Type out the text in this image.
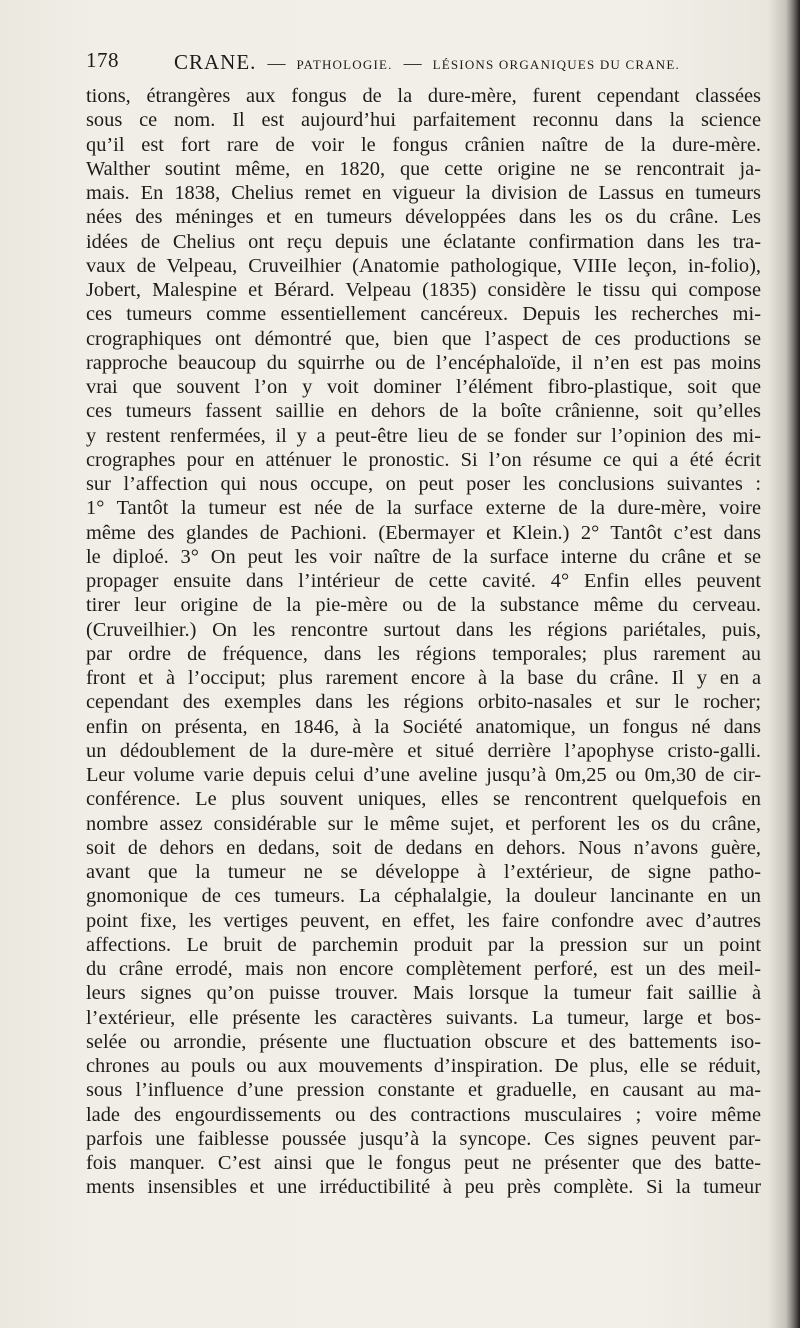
178	CRANE. — PATHOLOGIE. — LÉSIONS ORGANIQUES DU CRANE.
tions, étrangères aux fongus de la dure-mère, furent cependant classées
sous ce nom. Il est aujourd’hui parfaitement reconnu dans la science
qu’il est fort rare de voir le fongus crânien naître de la dure-mère.
Walther soutint même, en 1820, que cette origine ne se rencontrait ja-
mais. En 1838, Chelius remet en vigueur la division de Lassus en tumeurs
nées des méninges et en tumeurs développées dans les os du crâne. Les
idées de Chelius ont reçu depuis une éclatante confirmation dans les tra-
vaux de Velpeau, Cruveilhier (Anatomie pathologique, VIIIe leçon, in-folio),
Jobert, Malespine et Bérard. Velpeau (1835) considère le tissu qui compose
ces tumeurs comme essentiellement cancéreux. Depuis les recherches mi-
crographiques ont démontré que, bien que l’aspect de ces productions se
rapproche beaucoup du squirrhe ou de l’encéphaloïde, il n’en est pas moins
vrai que souvent l’on y voit dominer l’élément fibro-plastique, soit que
ces tumeurs fassent saillie en dehors de la boîte crânienne, soit qu’elles
y restent renfermées, il y a peut-être lieu de se fonder sur l’opinion des mi-
crographes pour en atténuer le pronostic. Si l’on résume ce qui a été écrit
sur l’affection qui nous occupe, on peut poser les conclusions suivantes :
1° Tantôt la tumeur est née de la surface externe de la dure-mère, voire
même des glandes de Pachioni. (Ebermayer et Klein.) 2° Tantôt c’est dans
le diploé. 3° On peut les voir naître de la surface interne du crâne et se
propager ensuite dans l’intérieur de cette cavité. 4° Enfin elles peuvent
tirer leur origine de la pie-mère ou de la substance même du cerveau.
(Cruveilhier.) On les rencontre surtout dans les régions pariétales, puis,
par ordre de fréquence, dans les régions temporales; plus rarement au
front et à l’occiput; plus rarement encore à la base du crâne. Il y en a
cependant des exemples dans les régions orbito-nasales et sur le rocher;
enfin on présenta, en 1846, à la Société anatomique, un fongus né dans
un dédoublement de la dure-mère et situé derrière l’apophyse cristo-galli.
Leur volume varie depuis celui d’une aveline jusqu’à 0m,25 ou 0m,30 de cir-
conférence. Le plus souvent uniques, elles se rencontrent quelquefois en
nombre assez considérable sur le même sujet, et perforent les os du crâne,
soit de dehors en dedans, soit de dedans en dehors. Nous n’avons guère,
avant que la tumeur ne se développe à l’extérieur, de signe patho-
gnomonique de ces tumeurs. La céphalalgie, la douleur lancinante en un
point fixe, les vertiges peuvent, en effet, les faire confondre avec d’autres
affections. Le bruit de parchemin produit par la pression sur un point
du crâne errodé, mais non encore complètement perforé, est un des meil-
leurs signes qu’on puisse trouver. Mais lorsque la tumeur fait saillie à
l’extérieur, elle présente les caractères suivants. La tumeur, large et bos-
selée ou arrondie, présente une fluctuation obscure et des battements iso-
chrones au pouls ou aux mouvements d’inspiration. De plus, elle se réduit,
sous l’influence d’une pression constante et graduelle, en causant au ma-
lade des engourdissements ou des contractions musculaires ; voire même
parfois une faiblesse poussée jusqu’à la syncope. Ces signes peuvent par-
fois manquer. C’est ainsi que le fongus peut ne présenter que des batte-
ments insensibles et une irréductibilité à peu près complète. Si la tumeur
